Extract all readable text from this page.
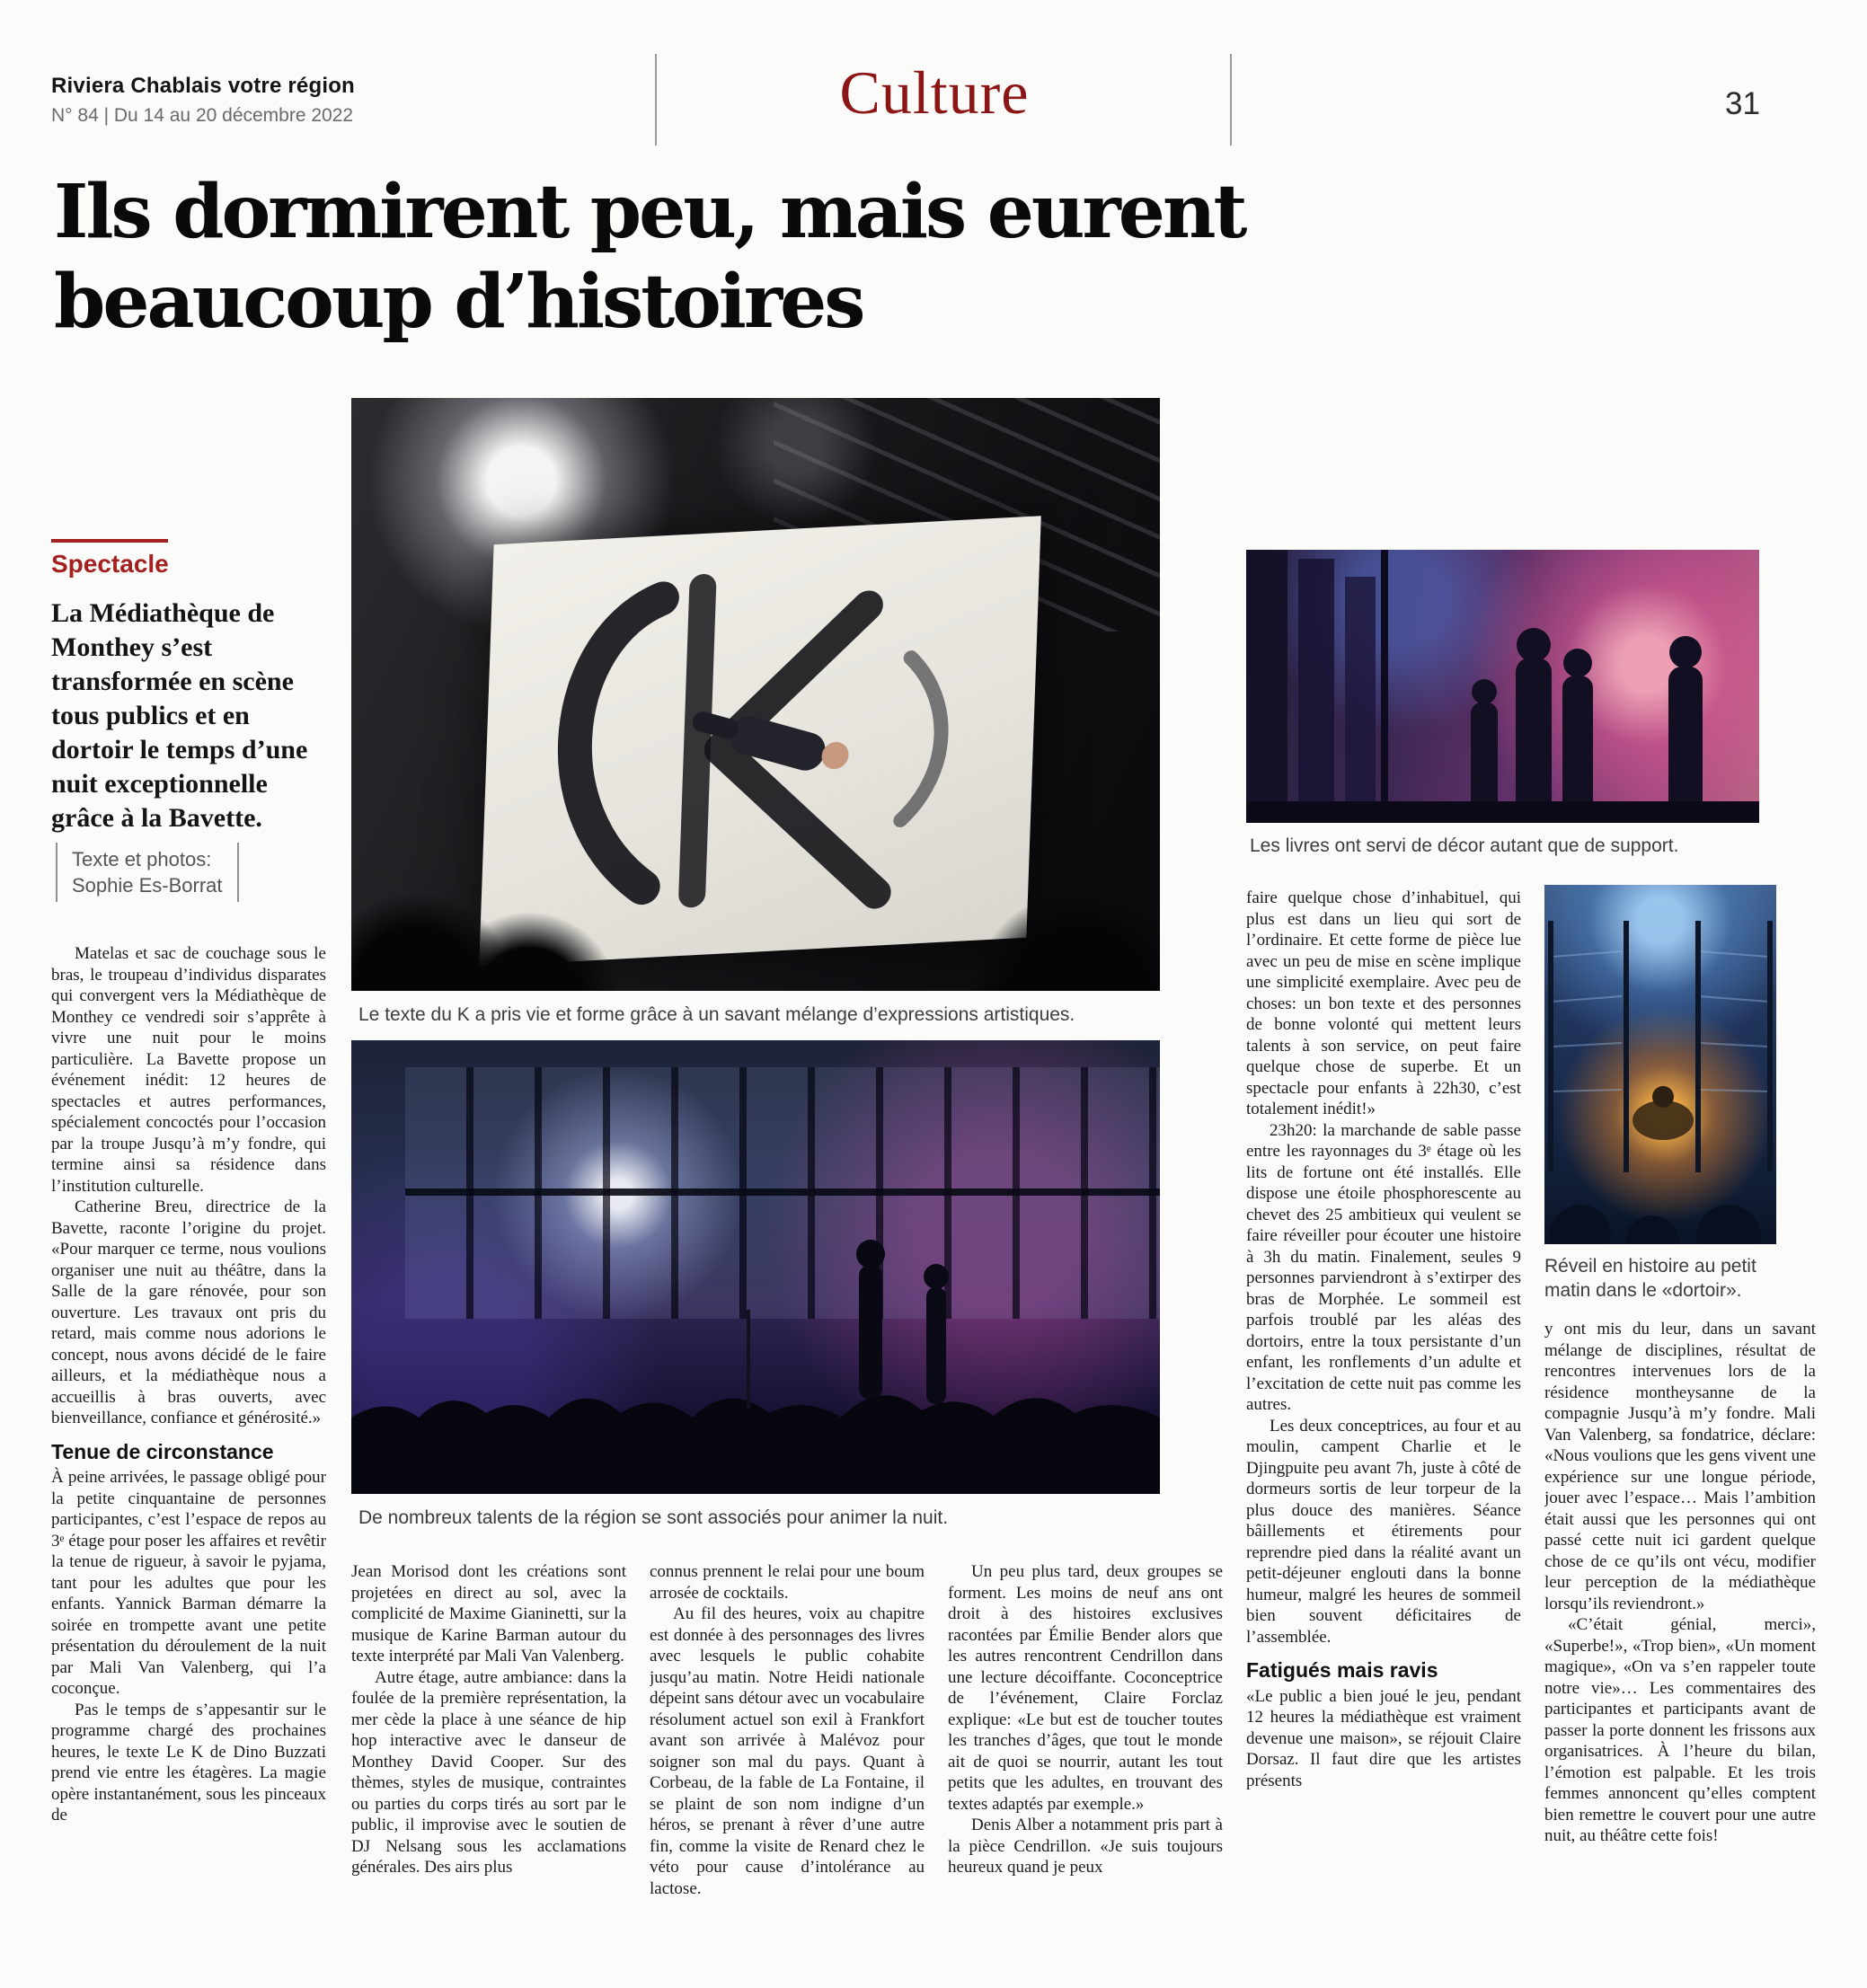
Riviera Chablais votre région
N° 84 | Du 14 au 20 décembre 2022	Culture	31
Ils dormirent peu, mais eurent
beaucoup d’histoires
Spectacle
La Médiathèque de Monthey s’est transformée en scène tous publics et en dortoir le temps d’une nuit exceptionnelle grâce à la Bavette.
Texte et photos:
Sophie Es-Borrat
Le texte du K a pris vie et forme grâce à un savant mélange d’expressions artistiques.
De nombreux talents de la région se sont associés pour animer la nuit.
Les livres ont servi de décor autant que de support.
Réveil en histoire au petit matin dans le «dortoir».

Matelas et sac de couchage sous le bras, le troupeau d’individus disparates qui convergent vers la Médiathèque de Monthey ce vendredi soir s’apprête à vivre une nuit pour le moins particulière. La Bavette propose un événement inédit: 12 heures de spectacles et autres performances, spécialement concoctés pour l’occasion par la troupe Jusqu’à m’y fondre, qui termine ainsi sa résidence dans l’institution culturelle.

Catherine Breu, directrice de la Bavette, raconte l’origine du projet. «Pour marquer ce terme, nous voulions organiser une nuit au théâtre, dans la Salle de la gare rénovée, pour son ouverture. Les travaux ont pris du retard, mais comme nous adorions le concept, nous avons décidé de le faire ailleurs, et la médiathèque nous a accueillis à bras ouverts, avec bienveillance, confiance et générosité.»

Tenue de circonstance

À peine arrivées, le passage obligé pour la petite cinquantaine de personnes participantes, c’est l’espace de repos au 3ᵉ étage pour poser les affaires et revêtir la tenue de rigueur, à savoir le pyjama, tant pour les adultes que pour les enfants. Yannick Barman démarre la soirée en trompette avant une petite présentation du déroulement de la nuit par Mali Van Valenberg, qui l’a coconçue.

Pas le temps de s’appesantir sur le programme chargé des prochaines heures, le texte Le K de Dino Buzzati prend vie entre les étagères. La magie opère instantanément, sous les pinceaux de

Jean Morisod dont les créations sont projetées en direct au sol, avec la complicité de Maxime Gianinetti, sur la musique de Karine Barman autour du texte interprété par Mali Van Valenberg.

Autre étage, autre ambiance: dans la foulée de la première représentation, la mer cède la place à une séance de hip hop interactive avec le danseur de Monthey David Cooper. Sur des thèmes, styles de musique, contraintes ou parties du corps tirés au sort par le public, il improvise avec le soutien de DJ Nelsang sous les acclamations générales. Des airs plus

connus prennent le relai pour une boum arrosée de cocktails.

Au fil des heures, voix au chapitre est donnée à des personnages des livres avec lesquels le public cohabite jusqu’au matin. Notre Heidi nationale dépeint sans détour avec un vocabulaire résolument actuel son exil à Frankfort avant son arrivée à Malévoz pour soigner son mal du pays. Quant à Corbeau, de la fable de La Fontaine, il se plaint de son nom indigne d’un héros, se prenant à rêver d’une autre fin, comme la visite de Renard chez le véto pour cause d’intolérance au lactose.

Un peu plus tard, deux groupes se forment. Les moins de neuf ans ont droit à des histoires exclusives racontées par Émilie Bender alors que les autres rencontrent Cendrillon dans une lecture décoiffante. Coconceptrice de l’événement, Claire Forclaz explique: «Le but est de toucher toutes les tranches d’âges, que tout le monde ait de quoi se nourrir, autant les tout petits que les adultes, en trouvant des textes adaptés par exemple.»

Denis Alber a notamment pris part à la pièce Cendrillon. «Je suis toujours heureux quand je peux

faire quelque chose d’inhabituel, qui plus est dans un lieu qui sort de l’ordinaire. Et cette forme de pièce lue avec un peu de mise en scène implique une simplicité exemplaire. Avec peu de choses: un bon texte et des personnes de bonne volonté qui mettent leurs talents à son service, on peut faire quelque chose de superbe. Et un spectacle pour enfants à 22h30, c’est totalement inédit!»

23h20: la marchande de sable passe entre les rayonnages du 3ᵉ étage où les lits de fortune ont été installés. Elle dispose une étoile phosphorescente au chevet des 25 ambitieux qui veulent se faire réveiller pour écouter une histoire à 3h du matin. Finalement, seules 9 personnes parviendront à s’extirper des bras de Morphée. Le sommeil est parfois troublé par les aléas des dortoirs, entre la toux persistante d’un enfant, les ronflements d’un adulte et l’excitation de cette nuit pas comme les autres.

Les deux conceptrices, au four et au moulin, campent Charlie et le Djingpuite peu avant 7h, juste à côté de dormeurs sortis de leur torpeur de la plus douce des manières. Séance bâillements et étirements pour reprendre pied dans la réalité avant un petit-déjeuner englouti dans la bonne humeur, malgré les heures de sommeil bien souvent déficitaires de l’assemblée.

Fatigués mais ravis

«Le public a bien joué le jeu, pendant 12 heures la médiathèque est vraiment devenue une maison», se réjouit Claire Dorsaz. Il faut dire que les artistes présents

y ont mis du leur, dans un savant mélange de disciplines, résultat de rencontres intervenues lors de la résidence montheysanne de la compagnie Jusqu’à m’y fondre. Mali Van Valenberg, sa fondatrice, déclare: «Nous voulions que les gens vivent une expérience sur une longue période, jouer avec l’espace… Mais l’ambition était aussi que les personnes qui ont passé cette nuit ici gardent quelque chose de ce qu’ils ont vécu, modifier leur perception de la médiathèque lorsqu’ils reviendront.»

«C’était génial, merci», «Superbe!», «Trop bien», «Un moment magique», «On va s’en rappeler toute notre vie»… Les commentaires des participantes et participants avant de passer la porte donnent les frissons aux organisatrices. À l’heure du bilan, l’émotion est palpable. Et les trois femmes annoncent qu’elles comptent bien remettre le couvert pour une autre nuit, au théâtre cette fois!
